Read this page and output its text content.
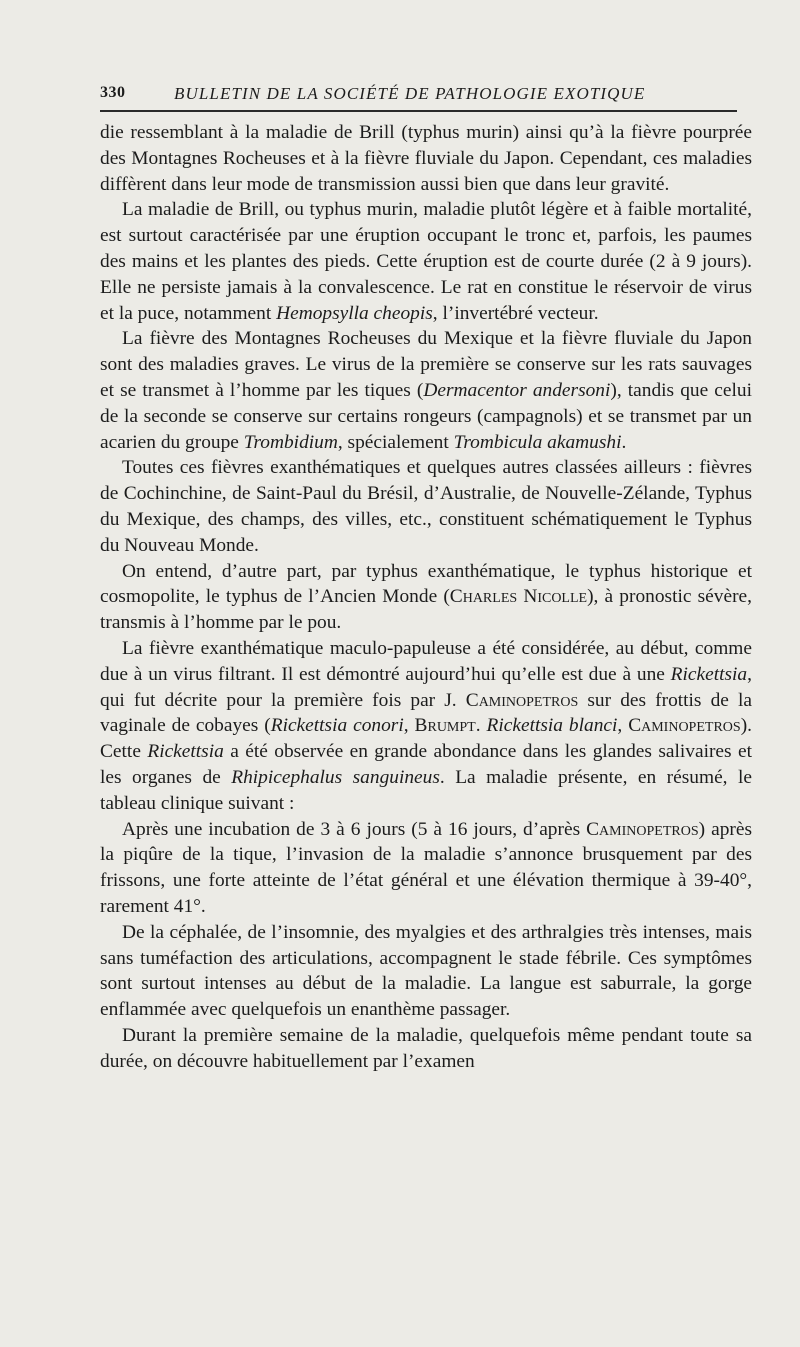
330	BULLETIN DE LA SOCIÉTÉ DE PATHOLOGIE EXOTIQUE

die ressemblant à la maladie de Brill (typhus murin) ainsi qu’à la fièvre pourprée des Montagnes Rocheuses et à la fièvre fluviale du Japon. Cependant, ces maladies diffèrent dans leur mode de transmission aussi bien que dans leur gravité.

La maladie de Brill, ou typhus murin, maladie plutôt légère et à faible mortalité, est surtout caractérisée par une éruption occupant le tronc et, parfois, les paumes des mains et les plantes des pieds. Cette éruption est de courte durée (2 à 9 jours). Elle ne persiste jamais à la convalescence. Le rat en constitue le réservoir de virus et la puce, notamment Hemopsylla cheopis, l’invertébré vecteur.

La fièvre des Montagnes Rocheuses du Mexique et la fièvre fluviale du Japon sont des maladies graves. Le virus de la première se conserve sur les rats sauvages et se transmet à l’homme par les tiques (Dermacentor andersoni), tandis que celui de la seconde se conserve sur certains rongeurs (campagnols) et se transmet par un acarien du groupe Trombidium, spécialement Trombicula akamushi.

Toutes ces fièvres exanthématiques et quelques autres classées ailleurs : fièvres de Cochinchine, de Saint-Paul du Brésil, d’Australie, de Nouvelle-Zélande, Typhus du Mexique, des champs, des villes, etc., constituent schématiquement le Typhus du Nouveau Monde.

On entend, d’autre part, par typhus exanthématique, le typhus historique et cosmopolite, le typhus de l’Ancien Monde (Charles Nicolle), à pronostic sévère, transmis à l’homme par le pou.

La fièvre exanthématique maculo-papuleuse a été considérée, au début, comme due à un virus filtrant. Il est démontré aujourd’hui qu’elle est due à une Rickettsia, qui fut décrite pour la première fois par J. Caminopetros sur des frottis de la vaginale de cobayes (Rickettsia conori, Brumpt. Rickettsia blanci, Caminopetros). Cette Rickettsia a été observée en grande abondance dans les glandes salivaires et les organes de Rhipicephalus sanguineus. La maladie présente, en résumé, le tableau clinique suivant :

Après une incubation de 3 à 6 jours (5 à 16 jours, d’après Caminopetros) après la piqûre de la tique, l’invasion de la maladie s’annonce brusquement par des frissons, une forte atteinte de l’état général et une élévation thermique à 39-40°, rarement 41°.

De la céphalée, de l’insomnie, des myalgies et des arthralgies très intenses, mais sans tuméfaction des articulations, accompagnent le stade fébrile. Ces symptômes sont surtout intenses au début de la maladie. La langue est saburrale, la gorge enflammée avec quelquefois un enanthème passager.

Durant la première semaine de la maladie, quelquefois même pendant toute sa durée, on découvre habituellement par l’examen
